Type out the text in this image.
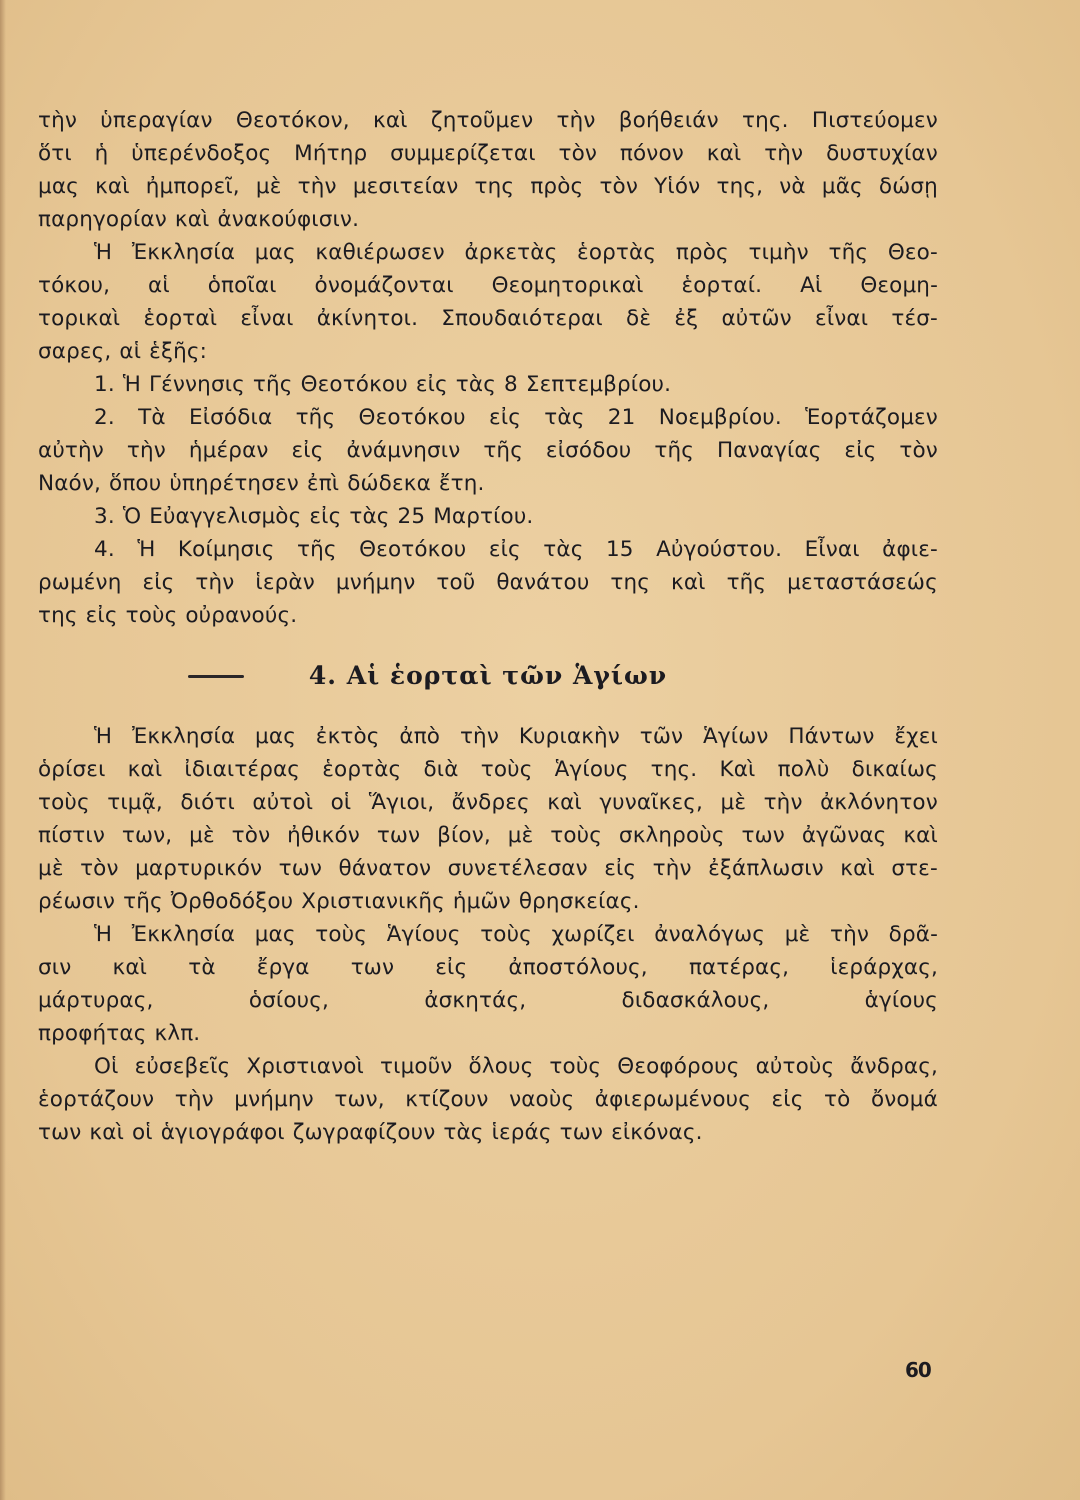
τὴν ὑπεραγίαν Θεοτόκον, καὶ ζητοῦμεν τὴν βοήθειάν της. Πιστεύομεν
ὅτι ἡ ὑπερένδοξος Μήτηρ συμμερίζεται τὸν πόνον καὶ τὴν δυστυχίαν
μας καὶ ἠμπορεῖ, μὲ τὴν μεσιτείαν της πρὸς τὸν Υἱόν της, νὰ μᾶς δώσῃ
παρηγορίαν καὶ ἀνακούφισιν.
Ἡ Ἐκκλησία μας καθιέρωσεν ἀρκετὰς ἑορτὰς πρὸς τιμὴν τῆς Θεο-
τόκου, αἱ ὁποῖαι ὀνομάζονται Θεομητορικαὶ ἑορταί. Αἱ Θεομη-
τορικαὶ ἑορταὶ εἶναι ἀκίνητοι. Σπουδαιότεραι δὲ ἐξ αὐτῶν εἶναι τέσ-
σαρες, αἱ ἑξῆς:
1. Ἡ Γέννησις τῆς Θεοτόκου εἰς τὰς 8 Σεπτεμβρίου.
2. Τὰ Εἰσόδια τῆς Θεοτόκου εἰς τὰς 21 Νοεμβρίου. Ἑορτάζομεν
αὐτὴν τὴν ἡμέραν εἰς ἀνάμνησιν τῆς εἰσόδου τῆς Παναγίας εἰς τὸν
Ναόν, ὅπου ὑπηρέτησεν ἐπὶ δώδεκα ἔτη.
3. Ὁ Εὐαγγελισμὸς εἰς τὰς 25 Μαρτίου.
4. Ἡ Κοίμησις τῆς Θεοτόκου εἰς τὰς 15 Αὐγούστου. Εἶναι ἀφιε-
ρωμένη εἰς τὴν ἱερὰν μνήμην τοῦ θανάτου της καὶ τῆς μεταστάσεώς
της εἰς τοὺς οὐρανούς.
4. Αἱ ἑορταὶ τῶν Ἁγίων
Ἡ Ἐκκλησία μας ἐκτὸς ἀπὸ τὴν Κυριακὴν τῶν Ἁγίων Πάντων ἔχει
ὁρίσει καὶ ἰδιαιτέρας ἑορτὰς διὰ τοὺς Ἁγίους της. Καὶ πολὺ δικαίως
τοὺς τιμᾷ, διότι αὐτοὶ οἱ Ἅγιοι, ἄνδρες καὶ γυναῖκες, μὲ τὴν ἀκλόνητον
πίστιν των, μὲ τὸν ἠθικόν των βίον, μὲ τοὺς σκληροὺς των ἀγῶνας καὶ
μὲ τὸν μαρτυρικόν των θάνατον συνετέλεσαν εἰς τὴν ἐξάπλωσιν καὶ στε-
ρέωσιν τῆς Ὀρθοδόξου Χριστιανικῆς ἡμῶν θρησκείας.
Ἡ Ἐκκλησία μας τοὺς Ἁγίους τοὺς χωρίζει ἀναλόγως μὲ τὴν δρᾶ-
σιν καὶ τὰ ἔργα των εἰς ἀποστόλους, πατέρας, ἱεράρχας,
μάρτυρας,	ὁσίους,	ἀσκητάς,	διδασκάλους,	ἁγίους
προφήτας κλπ.
Οἱ εὐσεβεῖς Χριστιανοὶ τιμοῦν ὅλους τοὺς Θεοφόρους αὐτοὺς ἄνδρας,
ἑορτάζουν τὴν μνήμην των, κτίζουν ναοὺς ἀφιερωμένους εἰς τὸ ὄνομά
των καὶ οἱ ἁγιογράφοι ζωγραφίζουν τὰς ἱεράς των εἰκόνας.
60
